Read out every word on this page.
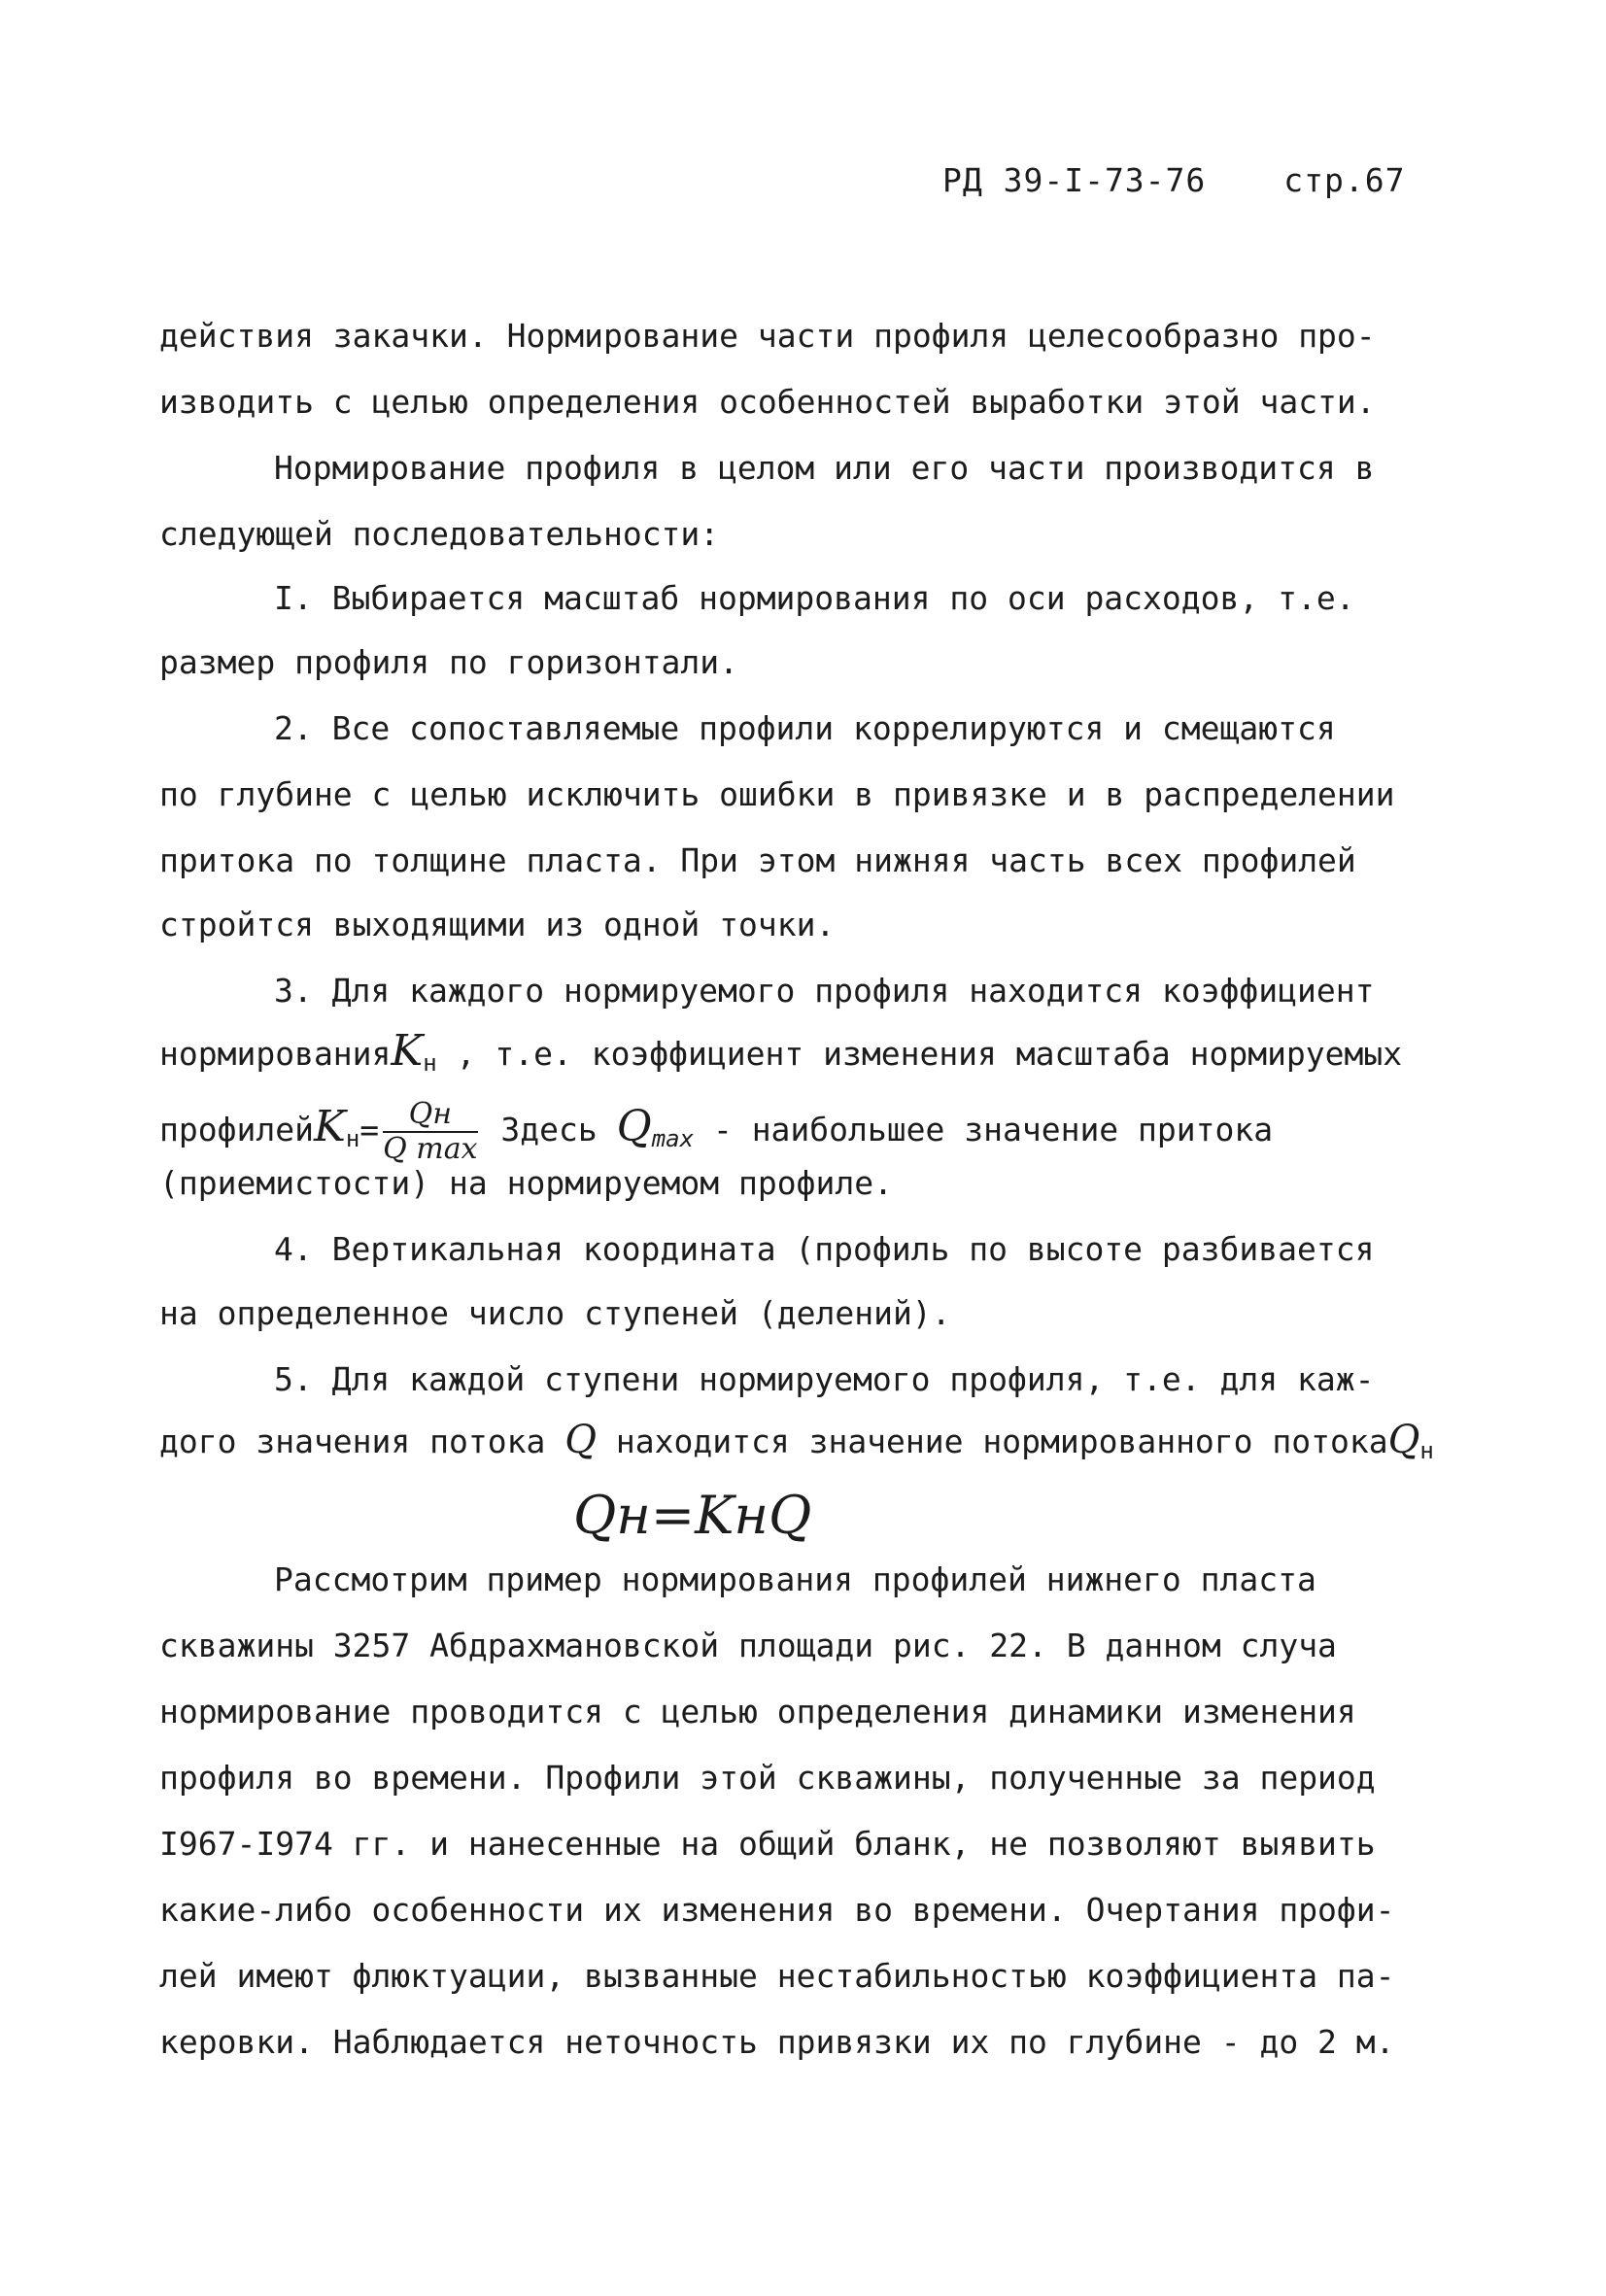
РД 39-I-73-76 стр.67
действия закачки. Нормирование части профиля целесообразно про-
изводить с целью определения особенностей выработки этой части.
Нормирование профиля в целом или его части производится в
следующей последовательности:
I. Выбирается масштаб нормирования по оси расходов, т.е.
размер профиля по горизонтали.
2. Все сопоставляемые профили коррелируются и смещаются
по глубине с целью исключить ошибки в привязке и в распределении
притока по толщине пласта. При этом нижняя часть всех профилей
стройтся выходящими из одной точки.
3. Для каждого нормируемого профиля находится коэффициент
нормированияK$_н$ , т.е. коэффициент изменения масштаба нормируемых
профилейK$_н$= $\frac{Qн}{\text{Q max}}$ Здесь $Q_{max}$ - наибольшее значение притока
(приемистости) на нормируемом профиле.
4. Вертикальная координата (профиль по высоте разбивается
на определенное число ступеней (делений).
5. Для каждой ступени нормируемого профиля, т.е. для каж-
дого значения потока Q находится значение нормированного потокаQ$_н$
Qн=KнQ
Рассмотрим пример нормирования профилей нижнего пласта
скважины 3257 Абдрахмановской площади рис. 22. В данном случа
нормирование проводится с целью определения динамики изменения
профиля во времени. Профили этой скважины, полученные за период
I967-I974 гг. и нанесенные на общий бланк, не позволяют выявить
какие-либо особенности их изменения во времени. Очертания профи-
лей имеют флюктуации, вызванные нестабильностью коэффициента па-
керовки. Наблюдается неточность привязки их по глубине - до 2 м.
